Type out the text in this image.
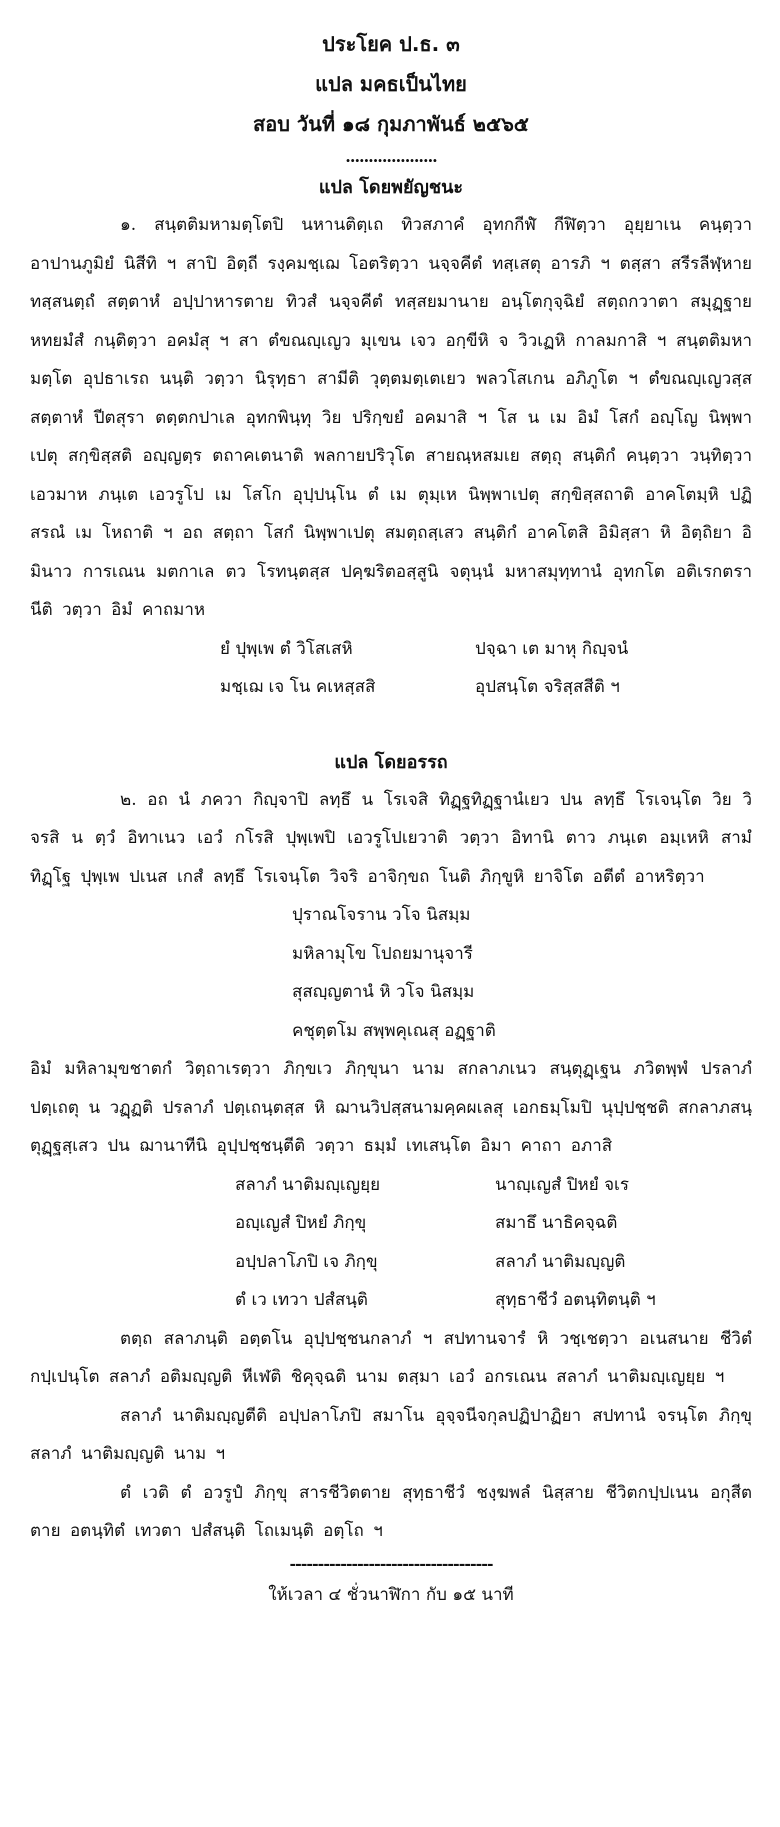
ประโยค ป.ธ. ๓
แปล มคธเป็นไทย
สอบ วันที่ ๑๘ กุมภาพันธ์ ๒๕๖๕
....................
แปล โดยพยัญชนะ
๑. สนฺตติมหามตฺโตปิ นหานติตฺเถ ทิวสภาคํ อุทกกีฬํ กีฬิตฺวา อุยฺยาเน คนฺตฺวา อาปานภูมิยํ นิสีทิ ฯ สาปิ อิตฺถี รงฺคมชฺเฌ โอตริตฺวา นจฺจคีตํ ทสฺเสตุ อารภิ ฯ ตสฺสา สรีรลีฬฺหาย ทสฺสนตฺถํ สตฺตาหํ อปฺปาหารตาย ทิวสํ นจฺจคีตํ ทสฺสยมานาย อนฺโตกุจฺฉิยํ สตฺถกวาตา สมุฏฺฐาย หทยมํสํ กนฺติตฺวา อคมํสุ ฯ สา ตํขณญฺเญว มุเขน เจว อกฺขีหิ จ วิวเฏหิ กาลมกาสิ ฯ สนฺตติมหามตฺโต อุปธาเรถ นนฺติ วตฺวา นิรุทฺธา สามีติ วุตฺตมตฺเตเยว พลวโสเกน อภิภูโต ฯ ตํขณญฺเญวสฺส สตฺตาหํ ปีตสุรา ตตฺตกปาเล อุทกพินฺทุ วิย ปริกฺขยํ อคมาสิ ฯ โส น เม อิมํ โสกํ อญฺโญ นิพฺพาเปตุ สกฺขิสฺสติ อญฺญตฺร ตถาคเตนาติ พลกายปริวุโต สายณฺหสมเย สตฺถุ สนฺติกํ คนฺตฺวา วนฺทิตฺวา เอวมาห ภนฺเต เอวรูโป เม โสโก อุปฺปนฺโน ตํ เม ตุมฺเห นิพฺพาเปตุ สกฺขิสฺสถาติ อาคโตมฺหิ ปฏิสรณํ เม โหถาติ ฯ อถ สตฺถา โสกํ นิพฺพาเปตุ สมตฺถสฺเสว สนฺติกํ อาคโตสิ อิมิสฺสา หิ อิตฺถิยา อิมินาว การเณน มตกาเล ตว โรทนฺตสฺส ปคฺฆริตอสฺสูนิ จตุนฺนํ มหาสมุทฺทานํ อุทกโต อติเรกตรานีติ วตฺวา อิมํ คาถมาห
ยํ ปุพฺเพ ตํ วิโสเสหิ	ปจฺฉา เต มาหุ กิญฺจนํ
มชฺเฌ เจ โน คเหสฺสสิ	อุปสนฺโต จริสฺสสีติ ฯ
แปล โดยอรรถ
๒. อถ นํ ภควา กิญฺจาปิ ลทฺธึ น โรเจสิ ทิฏฺฐทิฏฺฐานํเยว ปน ลทฺธึ โรเจนฺโต วิย วิจรสิ น ตฺวํ อิทาเนว เอวํ กโรสิ ปุพฺเพปิ เอวรูโปเยวาติ วตฺวา อิทานิ ตาว ภนฺเต อมฺเหหิ สามํ ทิฏฺโฐ ปุพฺเพ ปเนส เกสํ ลทฺธึ โรเจนฺโต วิจริ อาจิกฺขถ โนติ ภิกฺขูหิ ยาจิโต อตีตํ อาหริตฺวา
ปุราณโจราน วโจ นิสมฺม
มหิลามุโข โปถยมานุจารี
สุสญฺญตานํ หิ วโจ นิสมฺม
คชุตฺตโม สพฺพคุเณสุ อฏฺฐาติ
อิมํ มหิลามุขชาตกํ วิตฺถาเรตฺวา ภิกฺขเว ภิกฺขุนา นาม สกลาภเนว สนฺตุฏฺเฐน ภวิตพฺพํ ปรลาภํ ปตฺเถตุ น วฏฺฏติ ปรลาภํ ปตฺเถนฺตสฺส หิ ฌานวิปสฺสนามคฺคผเลสุ เอกธมฺโมปิ นุปฺปชฺชติ สกลาภสนฺตุฏฺฐสฺเสว ปน ฌานาทีนิ อุปฺปชฺชนฺตีติ วตฺวา ธมฺมํ เทเสนฺโต อิมา คาถา อภาสิ
สลาภํ นาติมญฺเญยฺย	นาญฺเญสํ ปิหยํ จเร
อญฺเญสํ ปิหยํ ภิกฺขุ	สมาธึ นาธิคจฺฉติ
อปฺปลาโภปิ เจ ภิกฺขุ	สลาภํ นาติมญฺญติ
ตํ เว เทวา ปสํสนฺติ	สุทฺธาชีวํ อตนฺทิตนฺติ ฯ
ตตฺถ สลาภนฺติ อตฺตโน อุปฺปชฺชนกลาภํ ฯ สปทานจารํ หิ วชฺเชตฺวา อเนสนาย ชีวิตํ กปฺเปนฺโต สลาภํ อติมญฺญติ หีเฬติ ชิคุจฺฉติ นาม ตสฺมา เอวํ อกรเณน สลาภํ นาติมญฺเญยฺย ฯ
สลาภํ นาติมญฺญตีติ อปฺปลาโภปิ สมาโน อุจฺจนีจกุลปฏิปาฏิยา สปทานํ จรนฺโต ภิกฺขุ สลาภํ นาติมญฺญติ นาม ฯ
ตํ เวติ ตํ อวรูปํ ภิกฺขุ สารชีวิตตาย สุทฺธาชีวํ ชงฺฆพลํ นิสฺสาย ชีวิตกปฺปเนน อกุสีตตาย อตนฺทิตํ เทวตา ปสํสนฺติ โถเมนฺติ อตฺโถ ฯ
------------------------------------
ให้เวลา ๔ ชั่วนาฬิกา กับ ๑๕ นาที
